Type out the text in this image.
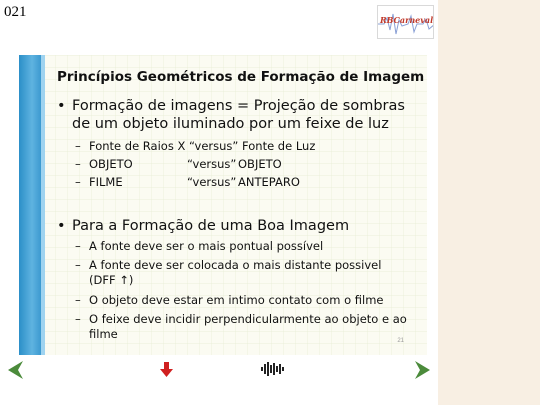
021	RBCarneval
Princípios Geométricos de Formação de Imagem
• Formação de imagens = Projeção de sombras de um objeto iluminado por um feixe de luz
– Fonte de Raios X “versus” Fonte de Luz
– OBJETO	“versus” OBJETO
– FILME	“versus” ANTEPARO
• Para a Formação de uma Boa Imagem
– A fonte deve ser o mais pontual possível
– A fonte deve ser colocada o mais distante possivel (DFF ↑)
– O objeto deve estar em intimo contato com o filme
– O feixe deve incidir perpendicularmente ao objeto e ao filme	21
